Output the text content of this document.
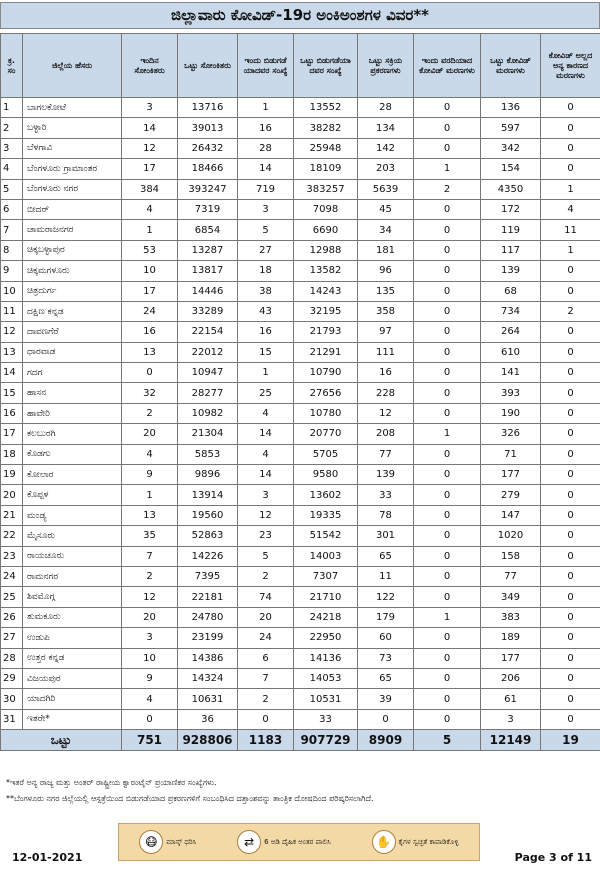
ಜಿಲ್ಲಾವಾರು ಕೋವಿಡ್-19ರ ಅಂಕಿಅಂಶಗಳ ವಿವರ**
ಕ್ರ. ಸಂ	ಜಿಲ್ಲೆಯ ಹೆಸರು	ಇಂದಿನ ಸೋಂಕಿತರು	ಒಟ್ಟು ಸೋಂಕಿತರು	ಇಂದು ಬಿಡುಗಡೆ ಯಾದವರ ಸಂಖ್ಯೆ	ಒಟ್ಟು ಬಿಡುಗಡೆಯಾ ದವರ ಸಂಖ್ಯೆ	ಒಟ್ಟು ಸಕ್ರಿಯ ಪ್ರಕರಣಗಳು	ಇಂದು ವರದಿಯಾದ ಕೋವಿಡ್ ಮರಣಗಳು	ಒಟ್ಟು ಕೋವಿಡ್ ಮರಣಗಳು	ಕೋವಿಡ್ ಅಲ್ಲದ ಅನ್ಯ ಕಾರಣದ ಮರಣಗಳು
1	ಬಾಗಲಕೋಟೆ	3	13716	1	13552	28	0	136	0
2	ಬಳ್ಳಾರಿ	14	39013	16	38282	134	0	597	0
3	ಬೆಳಗಾವಿ	12	26432	28	25948	142	0	342	0
4	ಬೆಂಗಳೂರು ಗ್ರಾಮಾಂತರ	17	18466	14	18109	203	1	154	0
5	ಬೆಂಗಳೂರು ನಗರ	384	393247	719	383257	5639	2	4350	1
6	ಬೀದರ್	4	7319	3	7098	45	0	172	4
7	ಚಾಮರಾಜನಗರ	1	6854	5	6690	34	0	119	11
8	ಚಿಕ್ಕಬಳ್ಳಾಪುರ	53	13287	27	12988	181	0	117	1
9	ಚಿಕ್ಕಮಗಳೂರು	10	13817	18	13582	96	0	139	0
10	ಚಿತ್ರದುರ್ಗ	17	14446	38	14243	135	0	68	0
11	ದಕ್ಷಿಣ ಕನ್ನಡ	24	33289	43	32195	358	0	734	2
12	ದಾವಣಗೆರೆ	16	22154	16	21793	97	0	264	0
13	ಧಾರವಾಡ	13	22012	15	21291	111	0	610	0
14	ಗದಗ	0	10947	1	10790	16	0	141	0
15	ಹಾಸನ	32	28277	25	27656	228	0	393	0
16	ಹಾವೇರಿ	2	10982	4	10780	12	0	190	0
17	ಕಲಬುರಗಿ	20	21304	14	20770	208	1	326	0
18	ಕೊಡಗು	4	5853	4	5705	77	0	71	0
19	ಕೋಲಾರ	9	9896	14	9580	139	0	177	0
20	ಕೊಪ್ಪಳ	1	13914	3	13602	33	0	279	0
21	ಮಂಡ್ಯ	13	19560	12	19335	78	0	147	0
22	ಮೈಸೂರು	35	52863	23	51542	301	0	1020	0
23	ರಾಯಚೂರು	7	14226	5	14003	65	0	158	0
24	ರಾಮನಗರ	2	7395	2	7307	11	0	77	0
25	ಶಿವಮೊಗ್ಗ	12	22181	74	21710	122	0	349	0
26	ತುಮಕೂರು	20	24780	20	24218	179	1	383	0
27	ಉಡುಪಿ	3	23199	24	22950	60	0	189	0
28	ಉತ್ತರ ಕನ್ನಡ	10	14386	6	14136	73	0	177	0
29	ವಿಜಯಪುರ	9	14324	7	14053	65	0	206	0
30	ಯಾದಗಿರಿ	4	10631	2	10531	39	0	61	0
31	ಇತರೇ*	0	36	0	33	0	0	3	0
ಒಟ್ಟು		751	928806	1183	907729	8909	5	12149	19
*ಇತರೆ ಅನ್ಯ ರಾಜ್ಯ ಮತ್ತು ಅಂತರ್ ರಾಷ್ಟ್ರೀಯ ಕ್ವಾರಂಟೈನ್ ಪ್ರಯಾಣಿಕರ ಸಂಖ್ಯೆಗಳು.
**ಬೆಂಗಳೂರು ನಗರ ಜಿಲ್ಲೆಯಲ್ಲಿ ಆಸ್ಪತ್ರೆಯಿಂದ ಬಿಡುಗಡೆಯಾದ ಪ್ರಕರಣಗಳಿಗೆ ಸಂಬಂಧಿಸಿದ ದತ್ತಾಂಶವನ್ನು ತಾಂತ್ರಿಕ ದೋಷದಿಂದ ಪರಿಷ್ಕರಿಸಲಾಗಿದೆ.
😷	ಮಾಸ್ಕ್ ಧರಿಸಿ	⇄	6 ಅಡಿ ದೈಹಿಕ ಅಂತರ ಪಾಲಿಸಿ	✋	ಕೈಗಳ ಸ್ವಚ್ಛತೆ ಕಾಪಾಡಿಕೊಳ್ಳಿ
12-01-2021	Page 3 of 11
